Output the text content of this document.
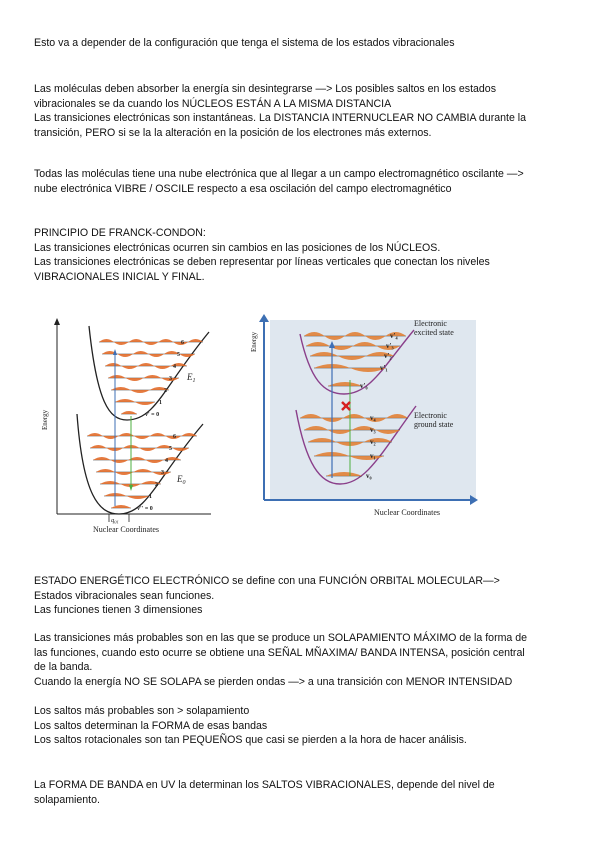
Esto va a depender de la configuración que tenga el sistema de los estados vibracionales

Las moléculas deben absorber la energía sin desintegrarse —> Los posibles saltos en los estados

vibracionales se da cuando los NÚCLEOS ESTÁN A LA MISMA DISTANCIA

Las transiciones electrónicas son instantáneas. La DISTANCIA INTERNUCLEAR NO CAMBIA durante la

transición, PERO si se la la alteración en la posición de los electrones más externos.

Todas las moléculas tiene una nube electrónica que al llegar a un campo electromagnético oscilante —>

nube electrónica VIBRE / OSCILE respecto a esa oscilación del campo electromagnético

PRINCIPIO DE FRANCK-CONDON:

Las transiciones electrónicas ocurren sin cambios en las posiciones de los NÚCLEOS.

Las transiciones electrónicas se deben representar por líneas verticales que conectan los niveles

VIBRACIONALES INICIAL Y FINAL.

Energy
Nuclear Coordinates
6
5
4
3
2
1
v' = 0
6
5
4
3
2
1
v'' = 0
$q_{01}$
$E_1$
$E_0$
Energy
Nuclear Coordinates
v'₄
v'₃
v'₂
v'₁
v'₀
v₄
v₃
v₂
v₁
v₀
Electronic excited state
Electronic ground state

ESTADO ENERGÉTICO ELECTRÓNICO se define con una FUNCIÓN ORBITAL MOLECULAR—>

Estados vibracionales sean funciones.

Las funciones tienen 3 dimensiones

Las transiciones más probables son en las que se produce un SOLAPAMIENTO MÁXIMO de la forma de

las funciones, cuando esto ocurre se obtiene una SEÑAL MÑAXIMA/ BANDA INTENSA, posición central

de la banda.

Cuando la energía NO SE SOLAPA se pierden ondas —> a una transición con MENOR INTENSIDAD

Los saltos más probables son > solapamiento

Los saltos determinan la FORMA de esas bandas

Los saltos rotacionales son tan PEQUEÑOS que casi se pierden a la hora de hacer análisis.

La FORMA DE BANDA en UV la determinan los SALTOS VIBRACIONALES, depende del nivel de

solapamiento.
